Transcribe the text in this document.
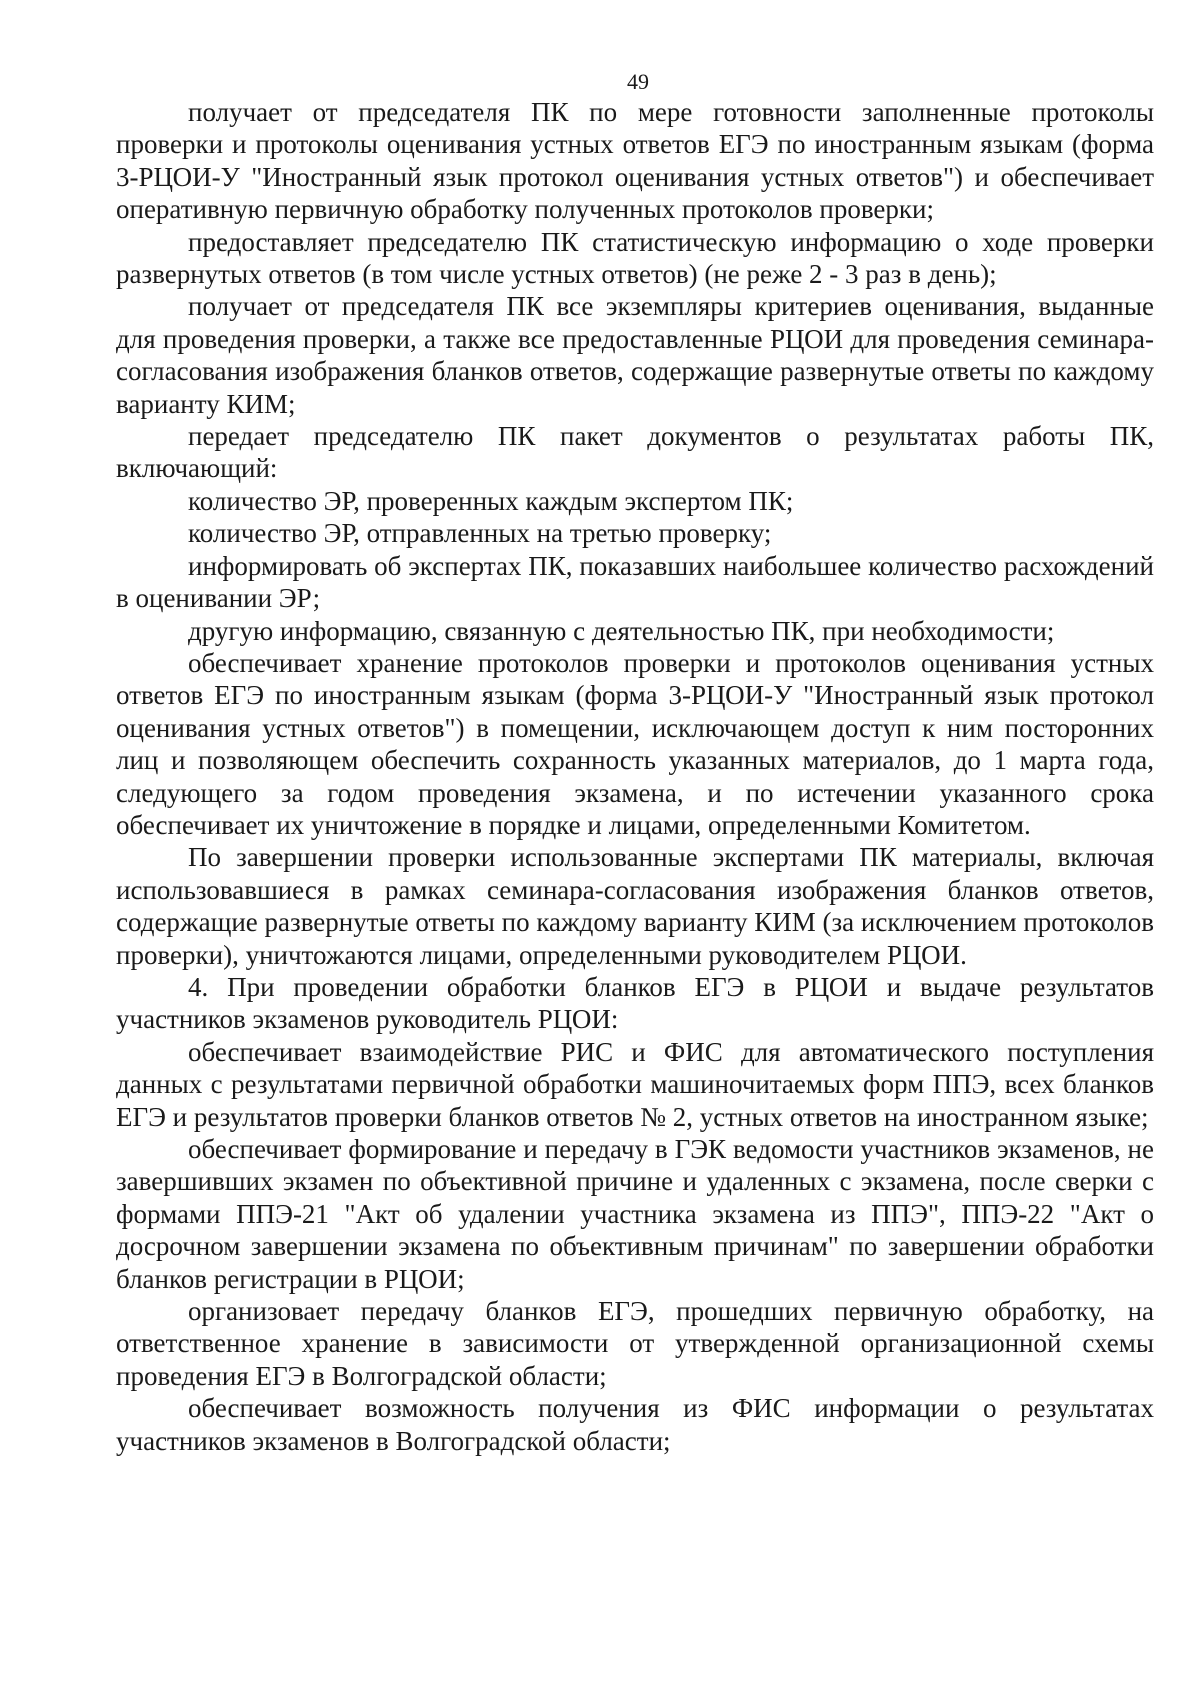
49

получает от председателя ПК по мере готовности заполненные протоколы проверки и протоколы оценивания устных ответов ЕГЭ по иностранным языкам (форма 3-РЦОИ-У "Иностранный язык протокол оценивания устных ответов") и обеспечивает оперативную первичную обработку полученных протоколов проверки;

предоставляет председателю ПК статистическую информацию о ходе проверки развернутых ответов (в том числе устных ответов) (не реже 2 - 3 раз в день);

получает от председателя ПК все экземпляры критериев оценивания, выданные для проведения проверки, а также все предоставленные РЦОИ для проведения семинара-согласования изображения бланков ответов, содержащие развернутые ответы по каждому варианту КИМ;

передает председателю ПК пакет документов о результатах работы ПК, включающий:

количество ЭР, проверенных каждым экспертом ПК;

количество ЭР, отправленных на третью проверку;

информировать об экспертах ПК, показавших наибольшее количество расхождений в оценивании ЭР;

другую информацию, связанную с деятельностью ПК, при необходимости;

обеспечивает хранение протоколов проверки и протоколов оценивания устных ответов ЕГЭ по иностранным языкам (форма 3-РЦОИ-У "Иностранный язык протокол оценивания устных ответов") в помещении, исключающем доступ к ним посторонних лиц и позволяющем обеспечить сохранность указанных материалов, до 1 марта года, следующего за годом проведения экзамена, и по истечении указанного срока обеспечивает их уничтожение в порядке и лицами, определенными Комитетом.

По завершении проверки использованные экспертами ПК материалы, включая использовавшиеся в рамках семинара-согласования изображения бланков ответов, содержащие развернутые ответы по каждому варианту КИМ (за исключением протоколов проверки), уничтожаются лицами, определенными руководителем РЦОИ.

4. При проведении обработки бланков ЕГЭ в РЦОИ и выдаче результатов участников экзаменов руководитель РЦОИ:

обеспечивает взаимодействие РИС и ФИС для автоматического поступления данных с результатами первичной обработки машиночитаемых форм ППЭ, всех бланков ЕГЭ и результатов проверки бланков ответов № 2, устных ответов на иностранном языке;

обеспечивает формирование и передачу в ГЭК ведомости участников экзаменов, не завершивших экзамен по объективной причине и удаленных с экзамена, после сверки с формами ППЭ-21 "Акт об удалении участника экзамена из ППЭ", ППЭ-22 "Акт о досрочном завершении экзамена по объективным причинам" по завершении обработки бланков регистрации в РЦОИ;

организовает передачу бланков ЕГЭ, прошедших первичную обработку, на ответственное хранение в зависимости от утвержденной организационной схемы проведения ЕГЭ в Волгоградской области;

обеспечивает возможность получения из ФИС информации о результатах участников экзаменов в Волгоградской области;
